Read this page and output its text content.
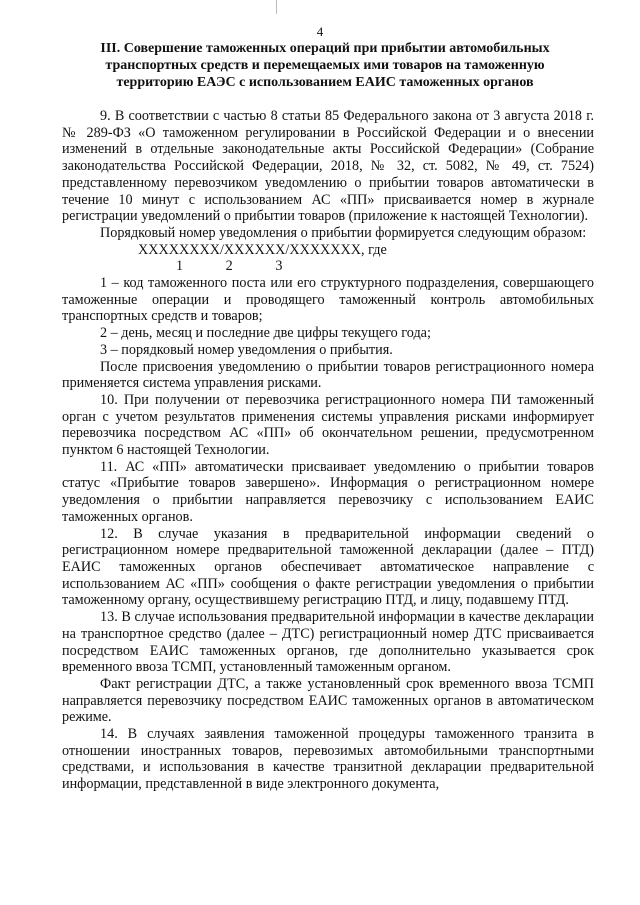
4
III. Совершение таможенных операций при прибытии автомобильных транспортных средств и перемещаемых ими товаров на таможенную территорию ЕАЭС с использованием ЕАИС таможенных органов

9. В соответствии с частью 8 статьи 85 Федерального закона от 3 августа 2018 г. № 289-ФЗ «О таможенном регулировании в Российской Федерации и о внесении изменений в отдельные законодательные акты Российской Федерации» (Собрание законодательства Российской Федерации, 2018, № 32, ст. 5082, № 49, ст. 7524) представленному перевозчиком уведомлению о прибытии товаров автоматически в течение 10 минут с использованием АС «ПП» присваивается номер в журнале регистрации уведомлений о прибытии товаров (приложение к настоящей Технологии).

Порядковый номер уведомления о прибытии формируется следующим образом:

XXXXXXXX/XXXXXX/XXXXXXX, где

1            2            3

1 – код таможенного поста или его структурного подразделения, совершающего таможенные операции и проводящего таможенный контроль автомобильных транспортных средств и товаров;

2 – день, месяц и последние две цифры текущего года;

3 – порядковый номер уведомления о прибытия.

После присвоения уведомлению о прибытии товаров регистрационного номера применяется система управления рисками.

10. При получении от перевозчика регистрационного номера ПИ таможенный орган с учетом результатов применения системы управления рисками информирует перевозчика посредством АС «ПП» об окончательном решении, предусмотренном пунктом 6 настоящей Технологии.

11. АС «ПП» автоматически присваивает уведомлению о прибытии товаров статус «Прибытие товаров завершено». Информация о регистрационном номере уведомления о прибытии направляется перевозчику с использованием ЕАИС таможенных органов.

12. В случае указания в предварительной информации сведений о регистрационном номере предварительной таможенной декларации (далее – ПТД) ЕАИС таможенных органов обеспечивает автоматическое направление с использованием АС «ПП» сообщения о факте регистрации уведомления о прибытии таможенному органу, осуществившему регистрацию ПТД, и лицу, подавшему ПТД.

13. В случае использования предварительной информации в качестве декларации на транспортное средство (далее – ДТС) регистрационный номер ДТС присваивается посредством ЕАИС таможенных органов, где дополнительно указывается срок временного ввоза ТСМП, установленный таможенным органом.

Факт регистрации ДТС, а также установленный срок временного ввоза ТСМП направляется перевозчику посредством ЕАИС таможенных органов в автоматическом режиме.

14. В случаях заявления таможенной процедуры таможенного транзита в отношении иностранных товаров, перевозимых автомобильными транспортными средствами, и использования в качестве транзитной декларации предварительной информации, представленной в виде электронного документа,
